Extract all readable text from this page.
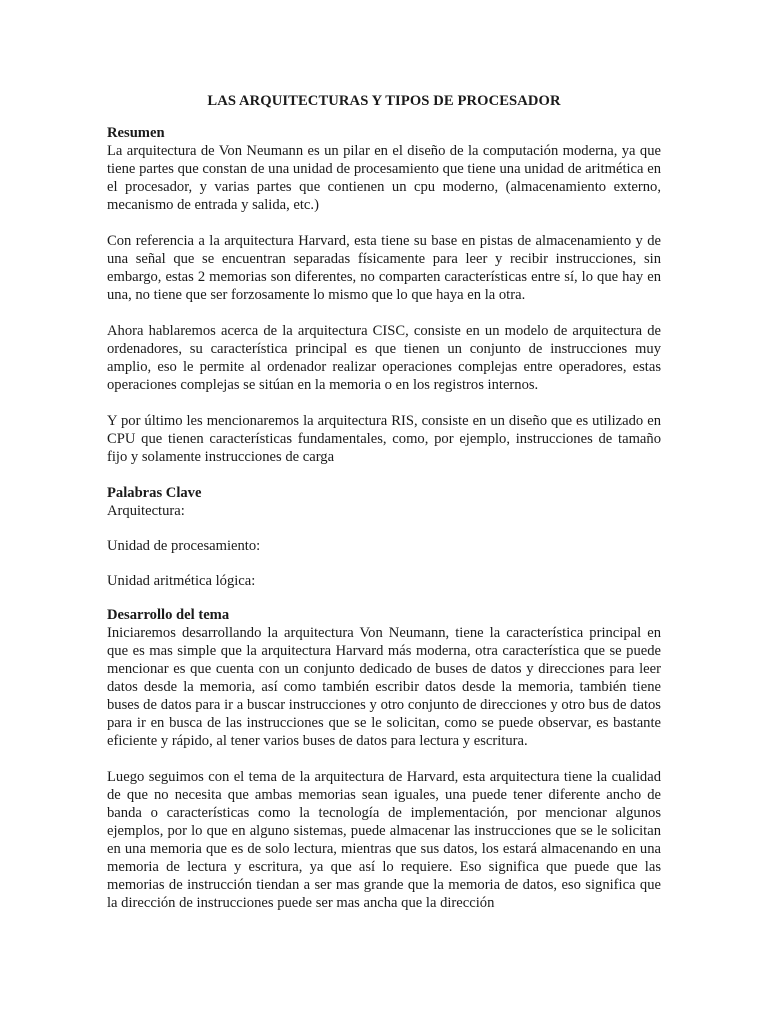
LAS ARQUITECTURAS Y TIPOS DE PROCESADOR
Resumen

La arquitectura de Von Neumann es un pilar en el diseño de la computación moderna, ya que tiene partes que constan de una unidad de procesamiento que tiene una unidad de aritmética en el procesador, y varias partes que contienen un cpu moderno, (almacenamiento externo, mecanismo de entrada y salida, etc.)

Con referencia a la arquitectura Harvard, esta tiene su base en pistas de almacenamiento y de una señal que se encuentran separadas físicamente para leer y recibir instrucciones, sin embargo, estas 2 memorias son diferentes, no comparten características entre sí, lo que hay en una, no tiene que ser forzosamente lo mismo que lo que haya en la otra.

Ahora hablaremos acerca de la arquitectura CISC, consiste en un modelo de arquitectura de ordenadores, su característica principal es que tienen un conjunto de instrucciones muy amplio, eso le permite al ordenador realizar operaciones complejas entre operadores, estas operaciones complejas se sitúan en la memoria o en los registros internos.

Y por último les mencionaremos la arquitectura RIS, consiste en un diseño que es utilizado en CPU que tienen características fundamentales, como, por ejemplo, instrucciones de tamaño fijo y solamente instrucciones de carga

Palabras Clave
Arquitectura:
Unidad de procesamiento:
Unidad aritmética lógica:
Desarrollo del tema

Iniciaremos desarrollando la arquitectura Von Neumann, tiene la característica principal en que es mas simple que la arquitectura Harvard más moderna, otra característica que se puede mencionar es que cuenta con un conjunto dedicado de buses de datos y direcciones para leer datos desde la memoria, así como también escribir datos desde la memoria, también tiene buses de datos para ir a buscar instrucciones y otro conjunto de direcciones y otro bus de datos para ir en busca de las instrucciones que se le solicitan, como se puede observar, es bastante eficiente y rápido, al tener varios buses de datos para lectura y escritura.

Luego seguimos con el tema de la arquitectura de Harvard, esta arquitectura tiene la cualidad de que no necesita que ambas memorias sean iguales, una puede tener diferente ancho de banda o características como la tecnología de implementación, por mencionar algunos ejemplos, por lo que en alguno sistemas, puede almacenar las instrucciones que se le solicitan en una memoria que es de solo lectura, mientras que sus datos, los estará almacenando en una memoria de lectura y escritura, ya que así lo requiere. Eso significa que puede que las memorias de instrucción tiendan a ser mas grande que la memoria de datos, eso significa que la dirección de instrucciones puede ser mas ancha que la dirección
